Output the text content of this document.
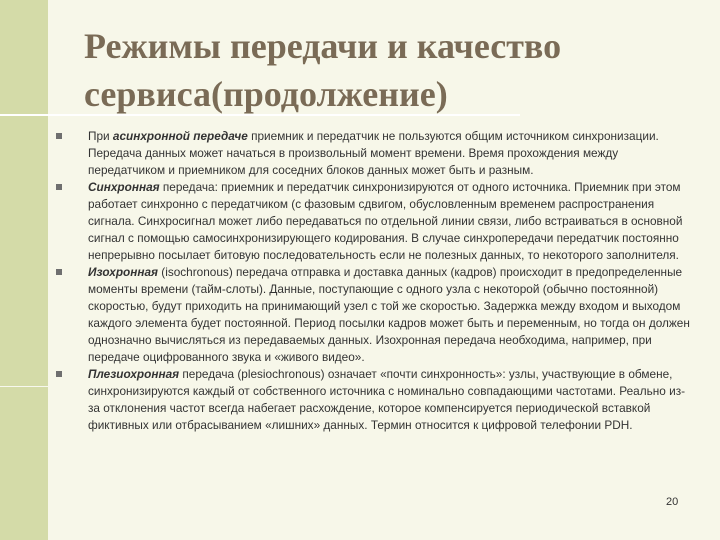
Режимы передачи и качество сервиса(продолжение)
При асинхронной передаче приемник и передатчик не пользуются общим источником синхронизации. Передача данных может начаться в произвольный момент времени. Время прохождения между передатчиком и приемником для соседних блоков данных может быть и разным.
Синхронная передача: приемник и передатчик синхронизируются от одного источника. Приемник при этом работает синхронно с передатчиком (с фазовым сдвигом, обусловленным временем распространения сигнала. Синхросигнал может либо передаваться по отдельной линии связи, либо встраиваться в основной сигнал с помощью самосинхронизирующего кодирования. В случае синхропередачи передатчик постоянно непрерывно посылает битовую последовательность если не полезных данных, то некоторого заполнителя.
Изохронная (isochronous) передача отправка и доставка данных (кадров) происходит в предопределенные моменты времени (тайм-слоты). Данные, поступающие с одного узла с некоторой (обычно постоянной) скоростью, будут приходить на принимающий узел с той же скоростью. Задержка между входом и выходом каждого элемента будет постоянной. Период посылки кадров может быть и переменным, но тогда он должен однозначно вычисляться из передаваемых данных. Изохронная передача необходима, например, при передаче оцифрованного звука и «живого видео».
Плезиохронная передача (plesiochronous) означает «почти синхронность»: узлы, участвующие в обмене, синхронизируются каждый от собственного источника с номинально совпадающими частотами. Реально из-за отклонения частот всегда набегает расхождение, которое компенсируется периодической вставкой фиктивных или отбрасыванием «лишних» данных. Термин относится к цифровой телефонии PDH.
20
